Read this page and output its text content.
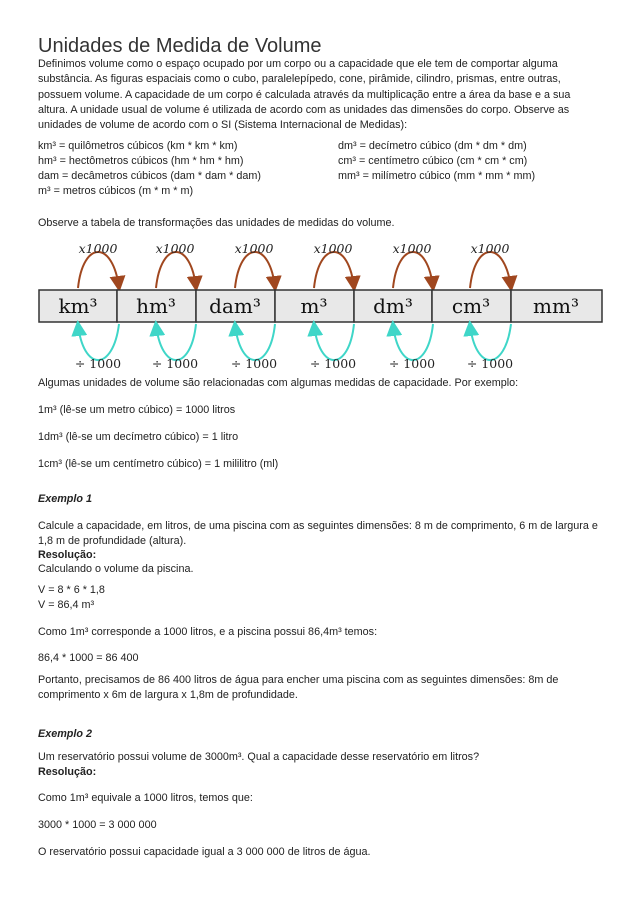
Unidades de Medida de Volume

Definimos volume como o espaço ocupado por um corpo ou a capacidade que ele tem de comportar alguma substância. As figuras espaciais como o cubo, paralelepípedo, cone, pirâmide, cilindro, prismas, entre outras, possuem volume. A capacidade de um corpo é calculada através da multiplicação entre a área da base e a sua altura. A unidade usual de volume é utilizada de acordo com as unidades das dimensões do corpo. Observe as unidades de volume de acordo com o SI (Sistema Internacional de Medidas):

km³ = quilômetros cúbicos (km * km * km)
hm³ = hectômetros cúbicos (hm * hm * hm)
dam = decâmetros cúbicos (dam * dam * dam)
m³ = metros cúbicos (m * m * m)
dm³ = decímetro cúbico (dm * dm * dm)
cm³ = centímetro cúbico (cm * cm * cm)
mm³ = milímetro cúbico (mm * mm * mm)
Observe a tabela de transformações das unidades de medidas do volume.
x1000	x1000	x1000	x1000	x1000	x1000
km³ hm³ dam³ m³ dm³ cm³ mm³
÷ 1000 ÷ 1000	÷ 1000	÷ 1000	÷ 1000	÷ 1000
Algumas unidades de volume são relacionadas com algumas medidas de capacidade. Por exemplo:
1m³ (lê-se um metro cúbico) = 1000 litros
1dm³ (lê-se um decímetro cúbico) = 1 litro
1cm³ (lê-se um centímetro cúbico) = 1 mililitro (ml)
Exemplo 1

Calcule a capacidade, em litros, de uma piscina com as seguintes dimensões: 8 m de comprimento, 6 m de largura e 1,8 m de profundidade (altura).

Resolução:
Calculando o volume da piscina.
V = 8 * 6 * 1,8
V = 86,4 m³
Como 1m³ corresponde a 1000 litros, e a piscina possui 86,4m³ temos:
86,4 * 1000 = 86 400

Portanto, precisamos de 86 400 litros de água para encher uma piscina com as seguintes dimensões: 8m de comprimento x 6m de largura x 1,8m de profundidade.

Exemplo 2
Um reservatório possui volume de 3000m³. Qual a capacidade desse reservatório em litros?
Resolução:
Como 1m³ equivale a 1000 litros, temos que:
3000 * 1000 = 3 000 000
O reservatório possui capacidade igual a 3 000 000 de litros de água.
